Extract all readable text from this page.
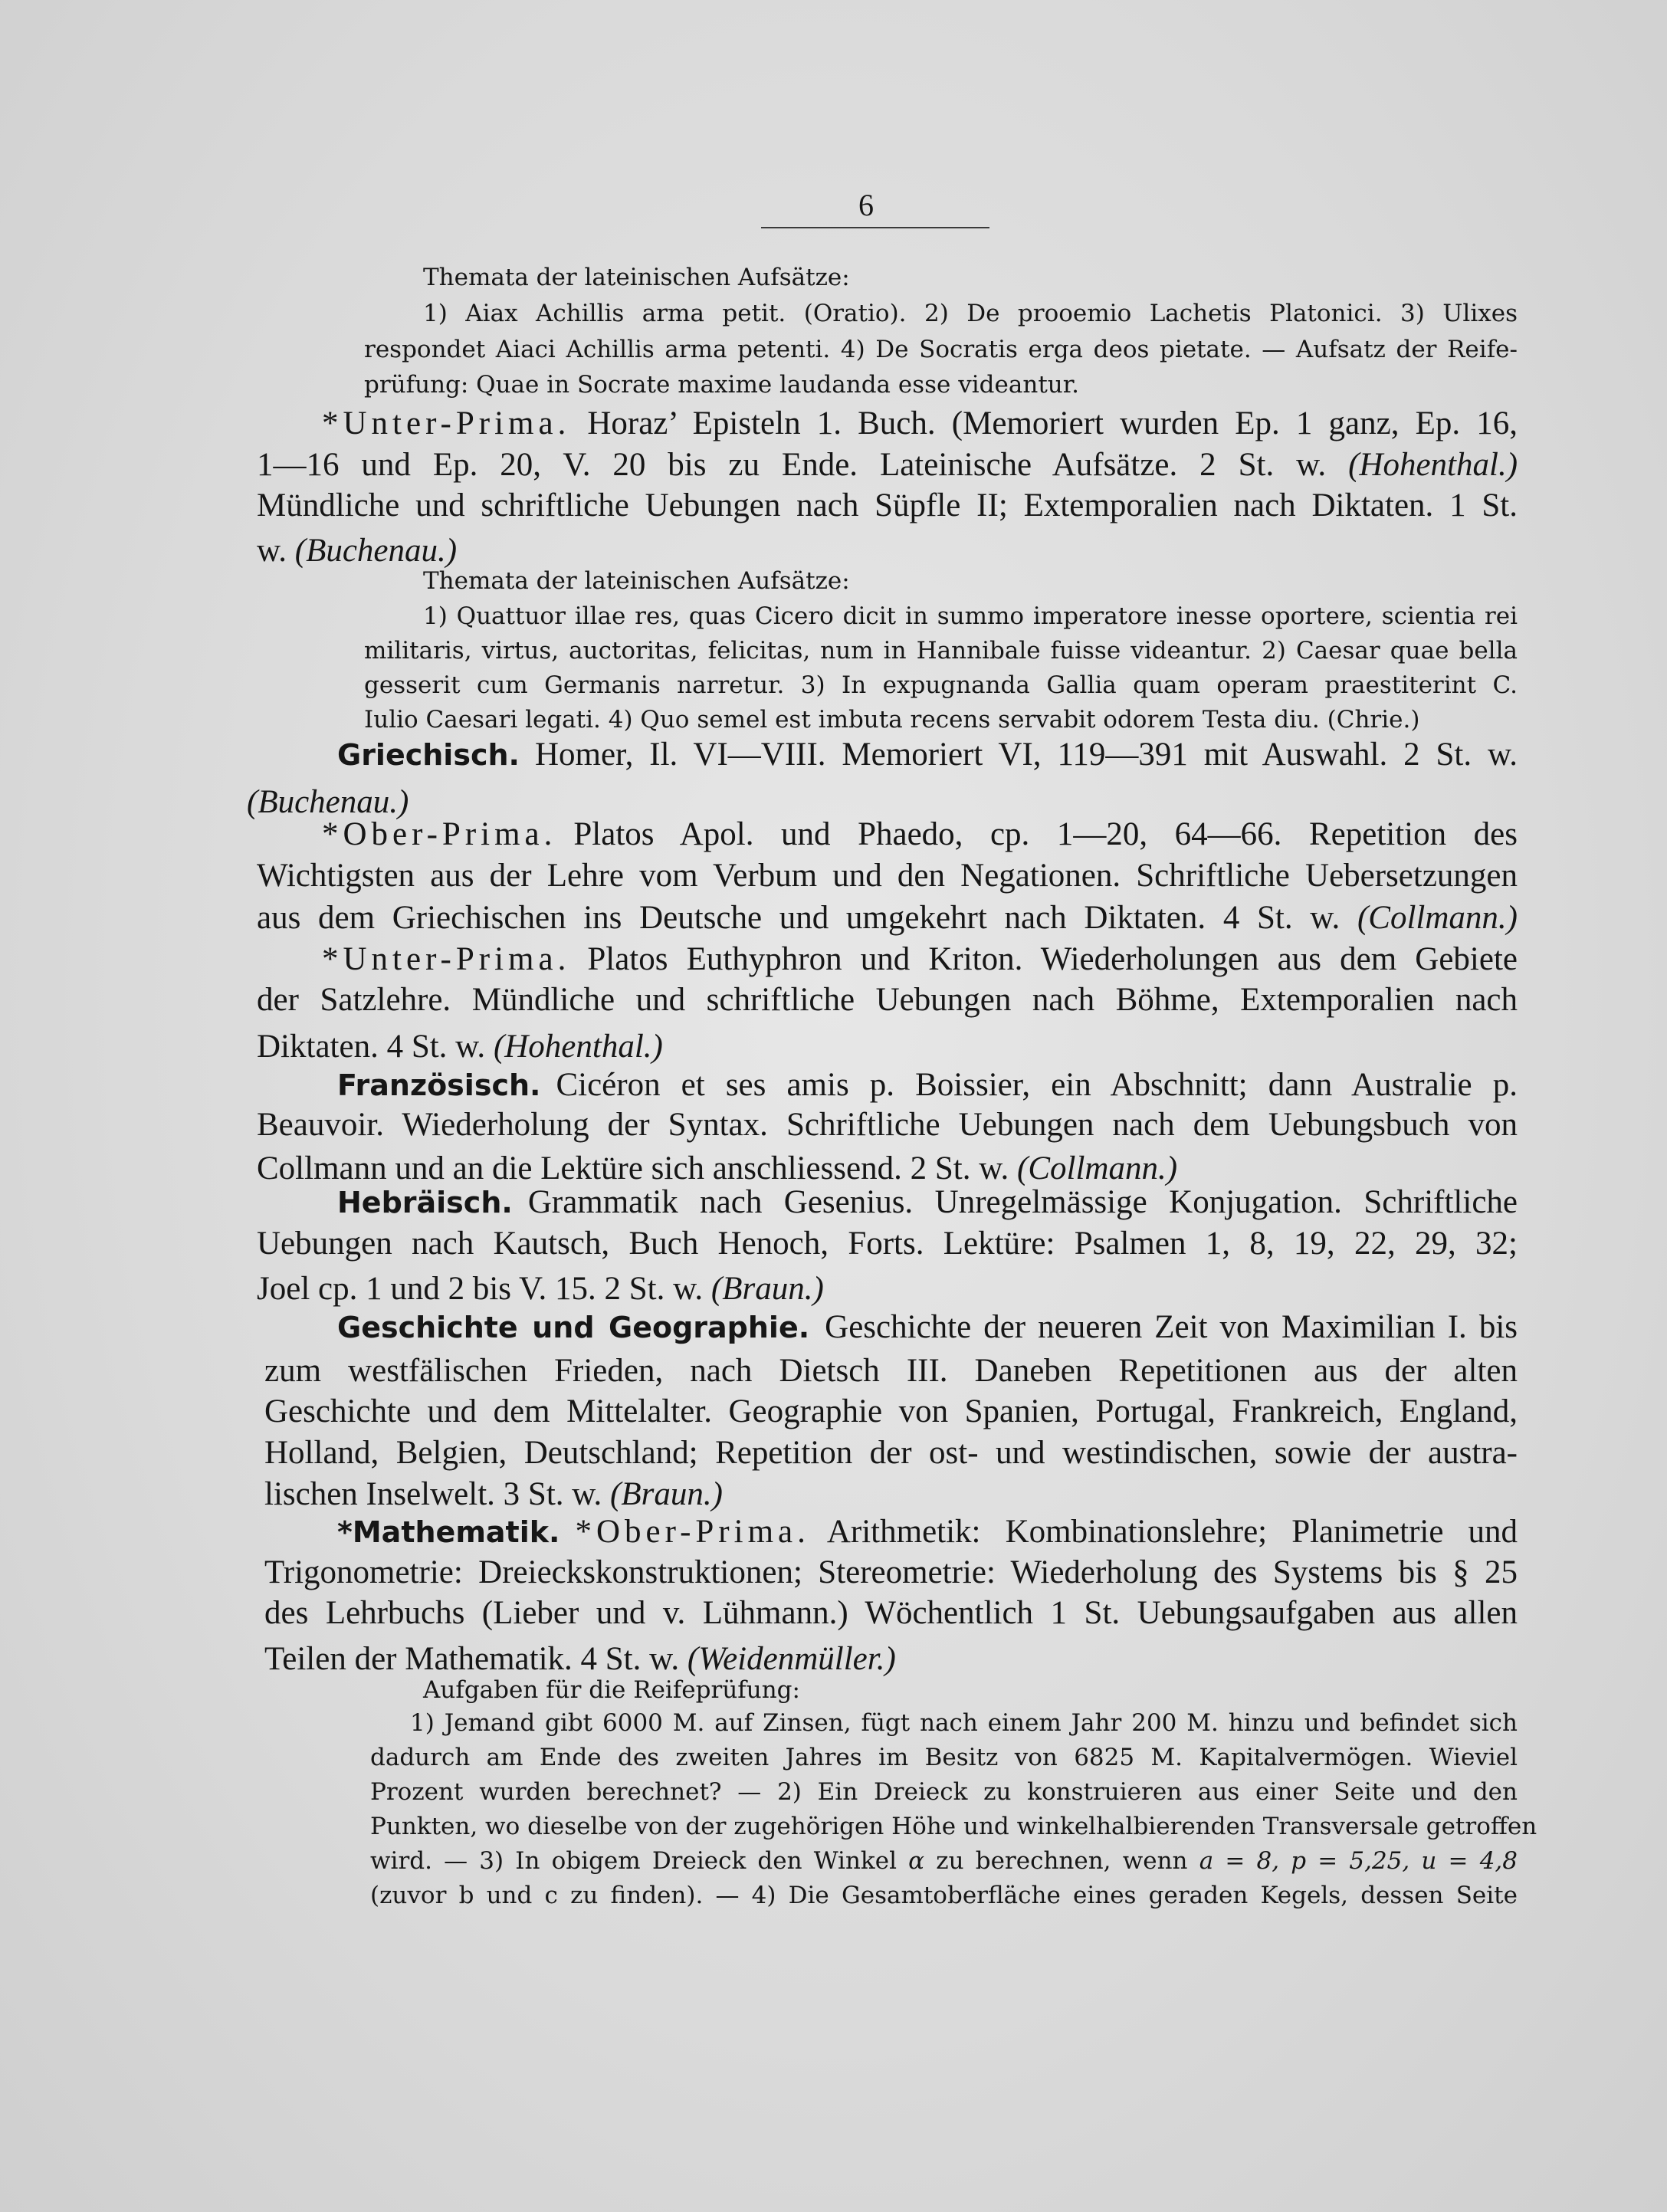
6
Themata der lateinischen Aufsätze:
1) Aiax Achillis arma petit. (Oratio). 2) De prooemio Lachetis Platonici. 3) Ulixes
respondet Aiaci Achillis arma petenti. 4) De Socratis erga deos pietate. — Aufsatz der Reife-
prüfung: Quae in Socrate maxime laudanda esse videantur.
*Unter-Prima. Horaz’ Episteln 1. Buch. (Memoriert wurden Ep. 1 ganz, Ep. 16,
1—16 und Ep. 20, V. 20 bis zu Ende. Lateinische Aufsätze. 2 St. w. (Hohenthal.)
Mündliche und schriftliche Uebungen nach Süpfle II; Extemporalien nach Diktaten. 1 St.
w. (Buchenau.)
Themata der lateinischen Aufsätze:
1) Quattuor illae res, quas Cicero dicit in summo imperatore inesse oportere, scientia rei
militaris, virtus, auctoritas, felicitas, num in Hannibale fuisse videantur. 2) Caesar quae bella
gesserit cum Germanis narretur. 3) In expugnanda Gallia quam operam praestiterint C.
Iulio Caesari legati. 4) Quo semel est imbuta recens servabit odorem Testa diu. (Chrie.)
Griechisch. Homer, Il. VI—VIII. Memoriert VI, 119—391 mit Auswahl. 2 St. w.
(Buchenau.)
*Ober-Prima. Platos Apol. und Phaedo, cp. 1—20, 64—66. Repetition des
Wichtigsten aus der Lehre vom Verbum und den Negationen. Schriftliche Uebersetzungen
aus dem Griechischen ins Deutsche und umgekehrt nach Diktaten. 4 St. w. (Collmann.)
*Unter-Prima. Platos Euthyphron und Kriton. Wiederholungen aus dem Gebiete
der Satzlehre. Mündliche und schriftliche Uebungen nach Böhme, Extemporalien nach
Diktaten. 4 St. w. (Hohenthal.)
Französisch. Cicéron et ses amis p. Boissier, ein Abschnitt; dann Australie p.
Beauvoir. Wiederholung der Syntax. Schriftliche Uebungen nach dem Uebungsbuch von
Collmann und an die Lektüre sich anschliessend. 2 St. w. (Collmann.)
Hebräisch. Grammatik nach Gesenius. Unregelmässige Konjugation. Schriftliche
Uebungen nach Kautsch, Buch Henoch, Forts. Lektüre: Psalmen 1, 8, 19, 22, 29, 32;
Joel cp. 1 und 2 bis V. 15. 2 St. w. (Braun.)
Geschichte und Geographie. Geschichte der neueren Zeit von Maximilian I. bis
zum westfälischen Frieden, nach Dietsch III. Daneben Repetitionen aus der alten
Geschichte und dem Mittelalter. Geographie von Spanien, Portugal, Frankreich, England,
Holland, Belgien, Deutschland; Repetition der ost- und westindischen, sowie der austra-
lischen Inselwelt. 3 St. w. (Braun.)
*Mathematik. *Ober-Prima. Arithmetik: Kombinationslehre; Planimetrie und
Trigonometrie: Dreieckskonstruktionen; Stereometrie: Wiederholung des Systems bis § 25
des Lehrbuchs (Lieber und v. Lühmann.) Wöchentlich 1 St. Uebungsaufgaben aus allen
Teilen der Mathematik. 4 St. w. (Weidenmüller.)
Aufgaben für die Reifeprüfung:
1) Jemand gibt 6000 M. auf Zinsen, fügt nach einem Jahr 200 M. hinzu und befindet sich
dadurch am Ende des zweiten Jahres im Besitz von 6825 M. Kapitalvermögen. Wieviel
Prozent wurden berechnet? — 2) Ein Dreieck zu konstruieren aus einer Seite und den
Punkten, wo dieselbe von der zugehörigen Höhe und winkelhalbierenden Transversale getroffen
wird. — 3) In obigem Dreieck den Winkel α zu berechnen, wenn a = 8, p = 5,25, u = 4,8
(zuvor b und c zu finden). — 4) Die Gesamtoberfläche eines geraden Kegels, dessen Seite
